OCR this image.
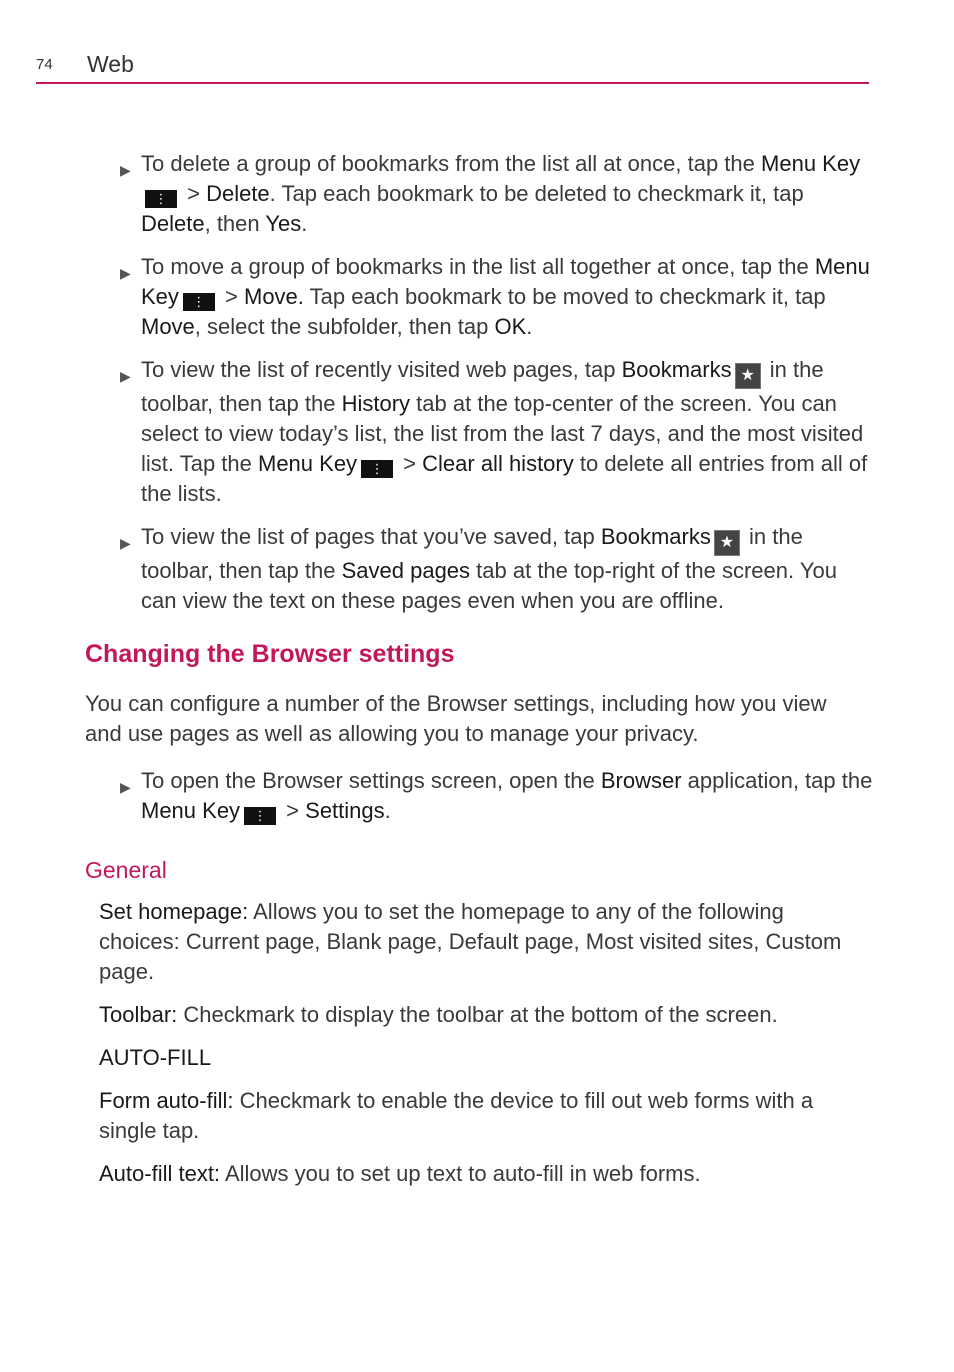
74 Web
▶ To delete a group of bookmarks from the list all at once, tap the Menu Key⋮ > Delete. Tap each bookmark to be deleted to checkmark it, tap Delete, then Yes.
▶ To move a group of bookmarks in the list all together at once, tap the Menu Key ⋮ > Move. Tap each bookmark to be moved to checkmark it, tap Move, select the subfolder, then tap OK.
▶ To view the list of recently visited web pages, tap Bookmarks ★ in the toolbar, then tap the History tab at the top-center of the screen. You can select to view today’s list, the list from the last 7 days, and the most visited list. Tap the Menu Key ⋮ > Clear all history to delete all entries from all of the lists.
▶ To view the list of pages that you’ve saved, tap Bookmarks ★ in the toolbar, then tap the Saved pages tab at the top-right of the screen. You can view the text on these pages even when you are offline.
Changing the Browser settings
You can configure a number of the Browser settings, including how you view and use pages as well as allowing you to manage your privacy.
▶ To open the Browser settings screen, open the Browser application, tap the Menu Key ⋮ > Settings.
General
Set homepage: Allows you to set the homepage to any of the following choices: Current page, Blank page, Default page, Most visited sites, Custom page.
Toolbar: Checkmark to display the toolbar at the bottom of the screen.
AUTO-FILL
Form auto-fill: Checkmark to enable the device to fill out web forms with a single tap.
Auto-fill text: Allows you to set up text to auto-fill in web forms.
